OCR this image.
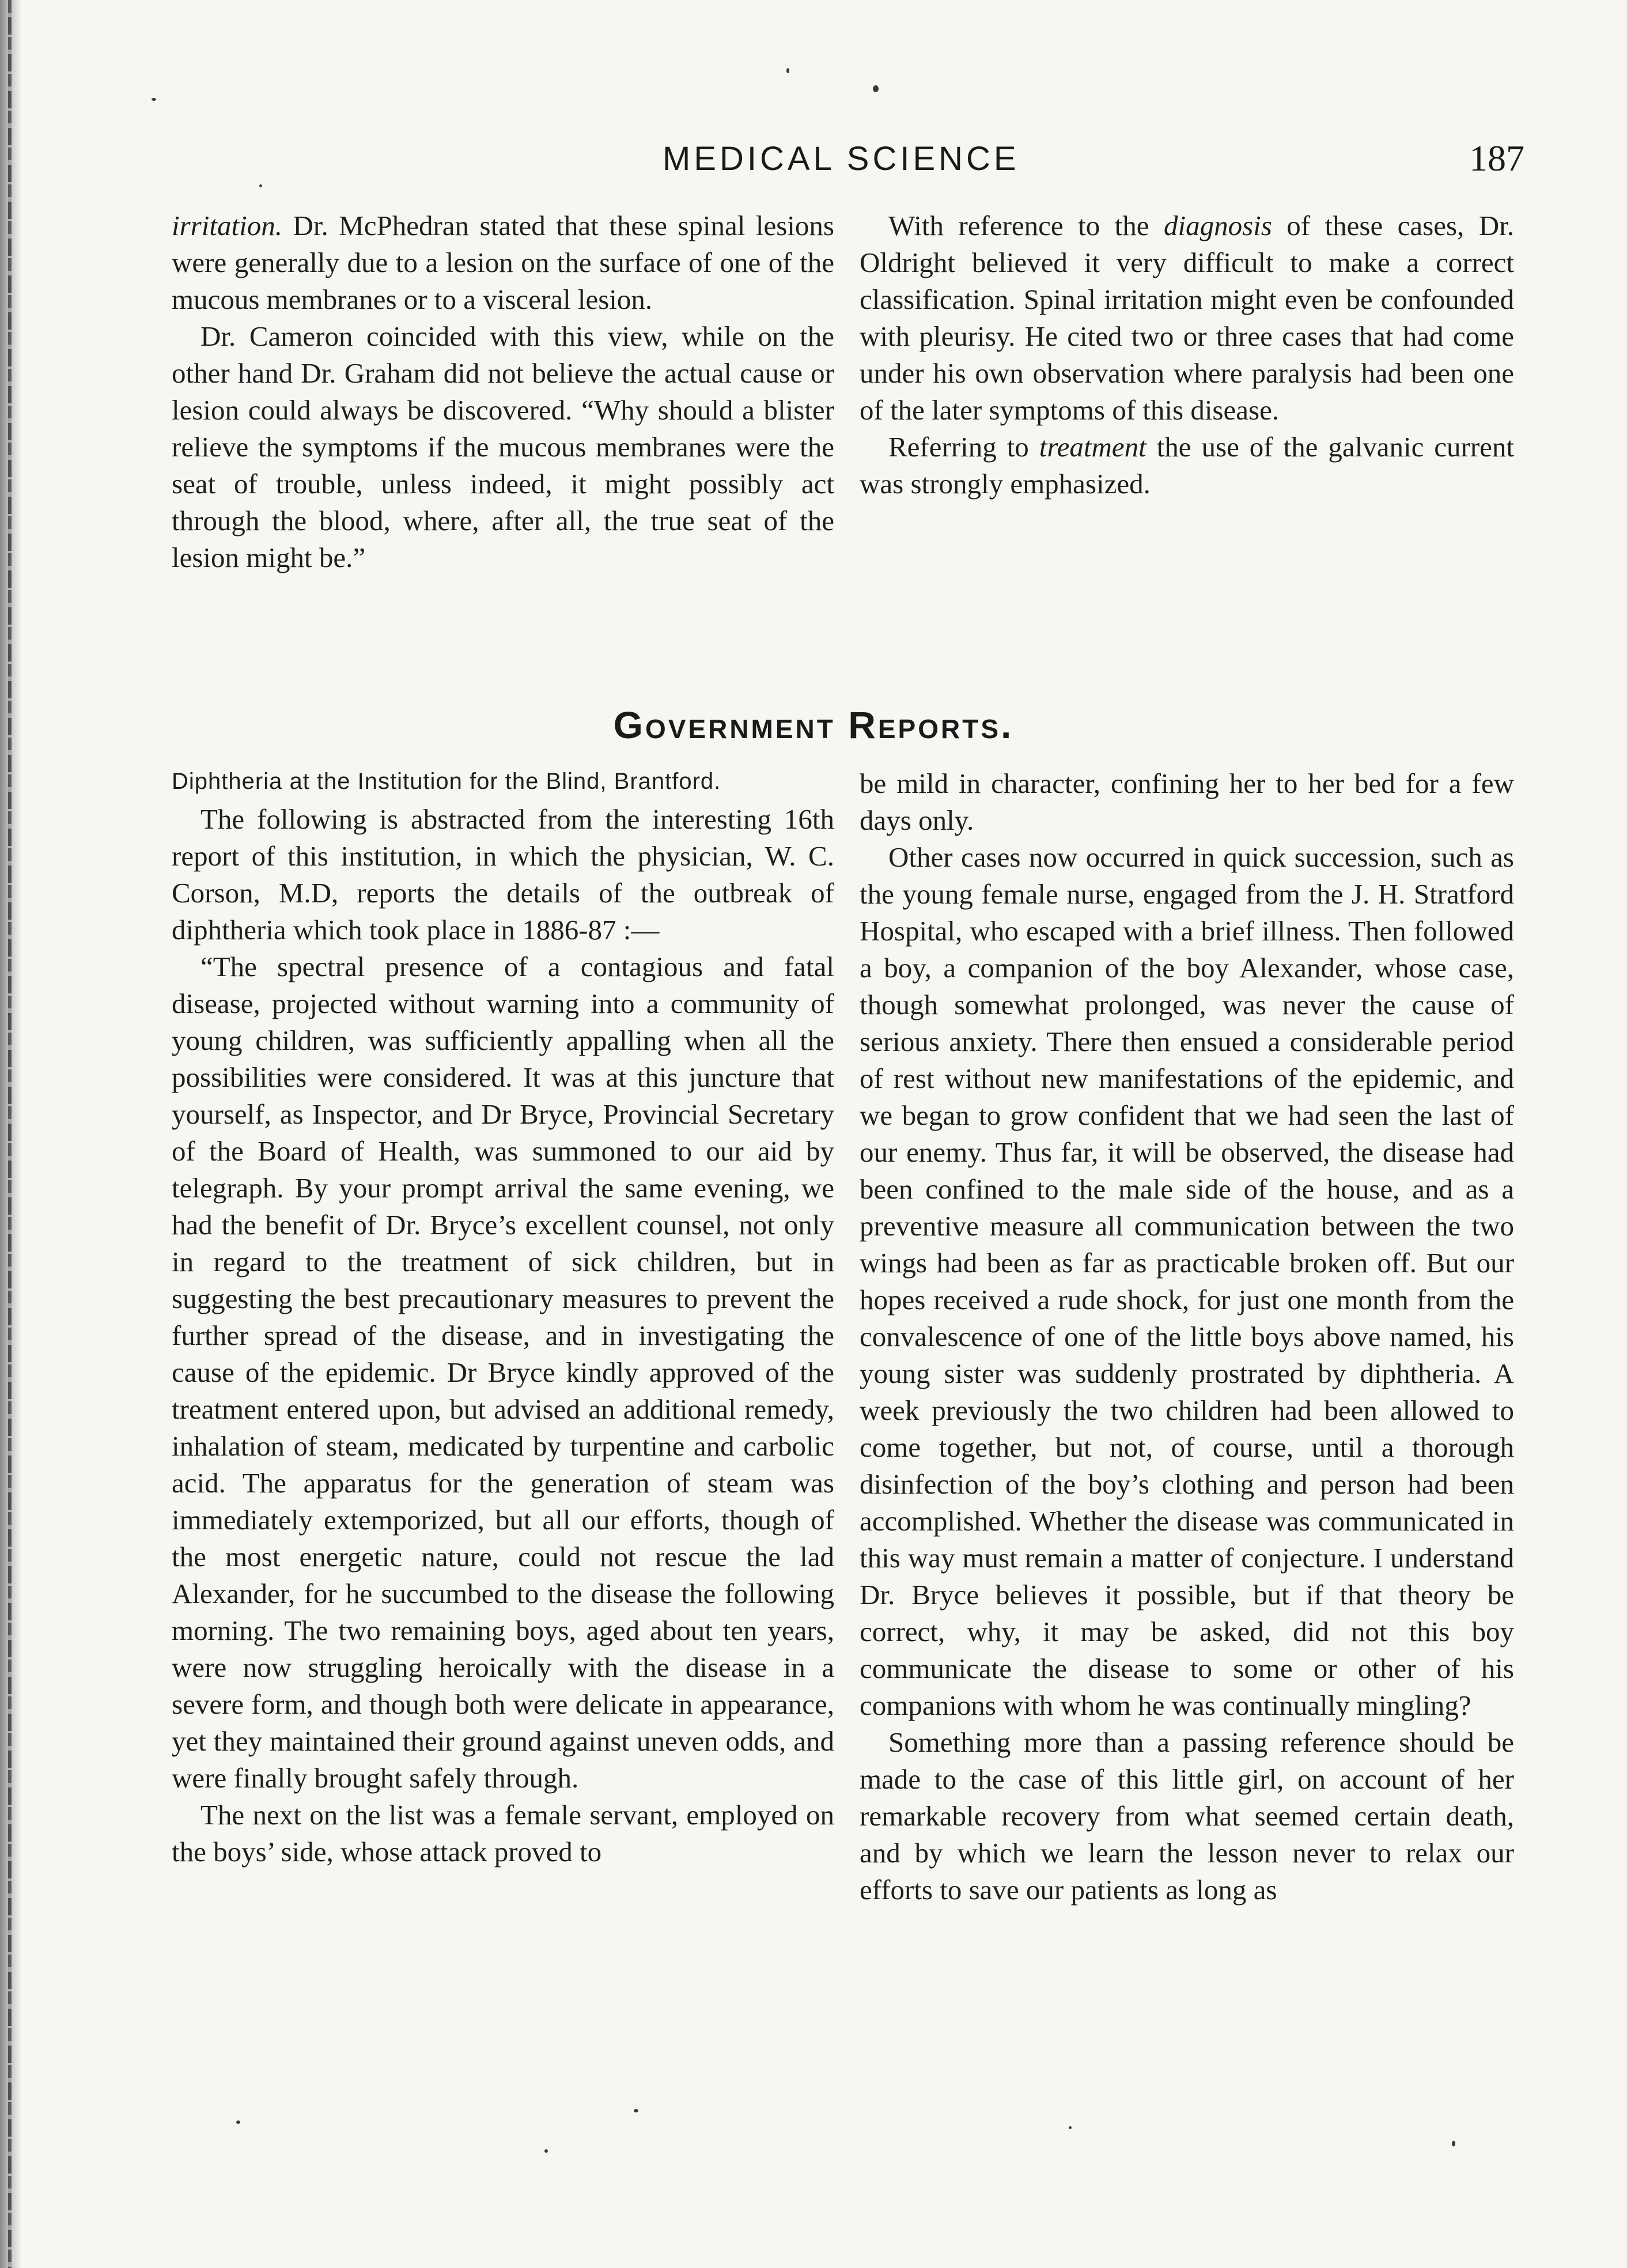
MEDICAL SCIENCE	187

irritation. Dr. McPhedran stated that these spinal lesions were generally due to a lesion on the surface of one of the mucous membranes or to a visceral lesion.

Dr. Cameron coincided with this view, while on the other hand Dr. Graham did not believe the actual cause or lesion could always be discovered. “Why should a blister relieve the symptoms if the mucous membranes were the seat of trouble, unless indeed, it might possibly act through the blood, where, after all, the true seat of the lesion might be.”

With reference to the diagnosis of these cases, Dr. Oldright believed it very difficult to make a correct classification. Spinal irritation might even be confounded with pleurisy. He cited two or three cases that had come under his own observation where paralysis had been one of the later symptoms of this disease.

Referring to treatment the use of the galvanic current was strongly emphasized.

Government Reports.
Diphtheria at the Institution for the Blind, Brantford.

The following is abstracted from the interesting 16th report of this institution, in which the physician, W. C. Corson, M.D, reports the details of the outbreak of diphtheria which took place in 1886-87 :—

“The spectral presence of a contagious and fatal disease, projected without warning into a community of young children, was sufficiently appalling when all the possibilities were considered. It was at this juncture that yourself, as Inspector, and Dr Bryce, Provincial Secretary of the Board of Health, was summoned to our aid by telegraph. By your prompt arrival the same evening, we had the benefit of Dr. Bryce’s excellent counsel, not only in regard to the treatment of sick children, but in suggesting the best precautionary measures to prevent the further spread of the disease, and in investigating the cause of the epidemic. Dr Bryce kindly approved of the treatment entered upon, but advised an additional remedy, inhalation of steam, medicated by turpentine and carbolic acid. The apparatus for the generation of steam was immediately extemporized, but all our efforts, though of the most energetic nature, could not rescue the lad Alexander, for he succumbed to the disease the following morning. The two remaining boys, aged about ten years, were now struggling heroically with the disease in a severe form, and though both were delicate in appearance, yet they maintained their ground against uneven odds, and were finally brought safely through.

The next on the list was a female servant, employed on the boys’ side, whose attack proved to

be mild in character, confining her to her bed for a few days only.

Other cases now occurred in quick succession, such as the young female nurse, engaged from the J. H. Stratford Hospital, who escaped with a brief illness. Then followed a boy, a companion of the boy Alexander, whose case, though somewhat prolonged, was never the cause of serious anxiety. There then ensued a considerable period of rest without new manifestations of the epidemic, and we began to grow confident that we had seen the last of our enemy. Thus far, it will be observed, the disease had been confined to the male side of the house, and as a preventive measure all communication between the two wings had been as far as practicable broken off. But our hopes received a rude shock, for just one month from the convalescence of one of the little boys above named, his young sister was suddenly prostrated by diphtheria. A week previously the two children had been allowed to come together, but not, of course, until a thorough disinfection of the boy’s clothing and person had been accomplished. Whether the disease was communicated in this way must remain a matter of conjecture. I understand Dr. Bryce believes it possible, but if that theory be correct, why, it may be asked, did not this boy communicate the disease to some or other of his companions with whom he was continually mingling?

Something more than a passing reference should be made to the case of this little girl, on account of her remarkable recovery from what seemed certain death, and by which we learn the lesson never to relax our efforts to save our patients as long as
